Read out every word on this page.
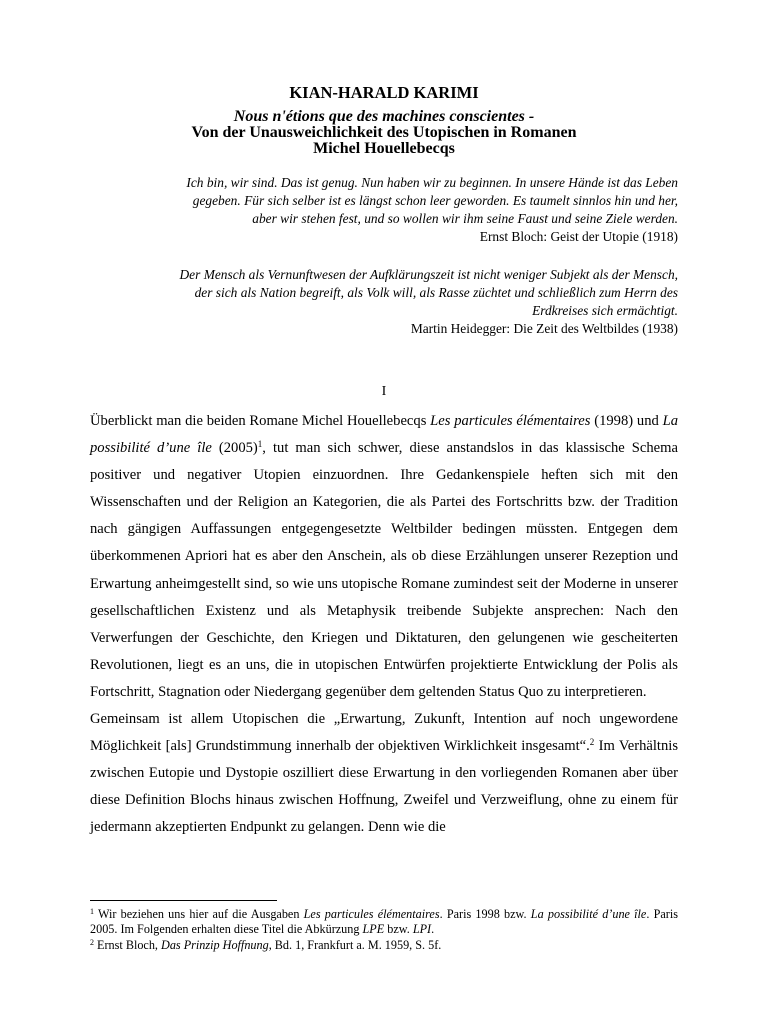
KIAN-HARALD KARIMI
Nous n'étions que des machines conscientes -
Von der Unausweichlichkeit des Utopischen in Romanen
Michel Houellebecqs
Ich bin, wir sind. Das ist genug. Nun haben wir zu beginnen. In unsere Hände ist das Leben
gegeben. Für sich selber ist es längst schon leer geworden. Es taumelt sinnlos hin und her,
aber wir stehen fest, und so wollen wir ihm seine Faust und seine Ziele werden.
Ernst Bloch: Geist der Utopie (1918)
Der Mensch als Vernunftwesen der Aufklärungszeit ist nicht weniger Subjekt als der Mensch,
der sich als Nation begreift, als Volk will, als Rasse züchtet und schließlich zum Herrn des
Erdkreises sich ermächtigt.
Martin Heidegger: Die Zeit des Weltbildes (1938)
I

Überblickt man die beiden Romane Michel Houellebecqs Les particules élémentaires (1998) und La possibilité d’une île $(2005)^1$, tut man sich schwer, diese anstandslos in das klassische Schema positiver und negativer Utopien einzuordnen. Ihre Gedankenspiele heften sich mit den Wissenschaften und der Religion an Kategorien, die als Partei des Fortschritts bzw. der Tradition nach gängigen Auffassungen entgegengesetzte Weltbilder bedingen müssten. Entgegen dem überkommenen Apriori hat es aber den Anschein, als ob diese Erzählungen unserer Rezeption und Erwartung anheimgestellt sind, so wie uns utopische Romane zumindest seit der Moderne in unserer gesellschaftlichen Existenz und als Metaphysik treibende Subjekte ansprechen: Nach den Verwerfungen der Geschichte, den Kriegen und Diktaturen, den gelungenen wie gescheiterten Revolutionen, liegt es an uns, die in utopischen Entwürfen projektierte Entwicklung der Polis als Fortschritt, Stagnation oder Niedergang gegenüber dem geltenden Status Quo zu interpretieren.

Gemeinsam ist allem Utopischen die „Erwartung, Zukunft, Intention auf noch ungewordene Möglichkeit [als] Grundstimmung innerhalb der objektiven Wirklichkeit insgesamt“.$^2$ Im Verhältnis zwischen Eutopie und Dystopie oszilliert diese Erwartung in den vorliegenden Romanen aber über diese Definition Blochs hinaus zwischen Hoffnung, Zweifel und Verzweiflung, ohne zu einem für jedermann akzeptierten Endpunkt zu gelangen. Denn wie die

$^1$ Wir beziehen uns hier auf die Ausgaben Les particules élémentaires. Paris 1998 bzw. La possibilité d’une île. Paris 2005. Im Folgenden erhalten diese Titel die Abkürzung LPE bzw. LPI.

$^2$ Ernst Bloch, Das Prinzip Hoffnung, Bd. 1, Frankfurt a. M. 1959, S. 5f.
